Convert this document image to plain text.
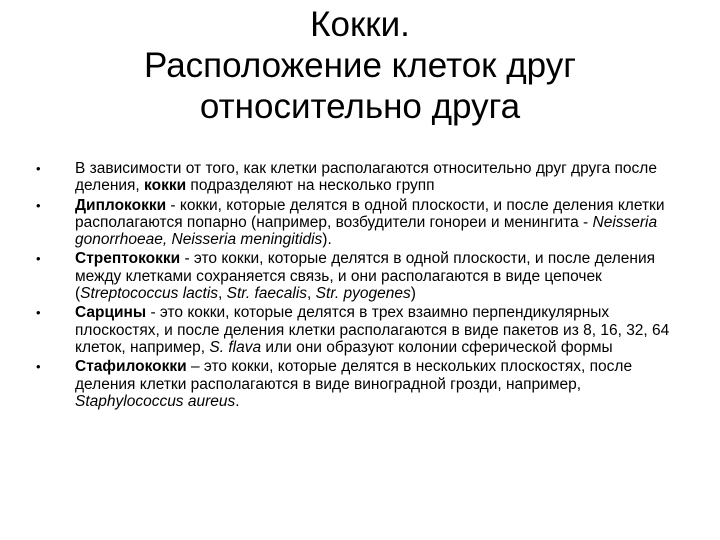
Кокки.
Расположение клеток друг
относительно друга
• В зависимости от того, как клетки располагаются относительно друг друга после деления, кокки подразделяют на несколько групп
• Диплококки - кокки, которые делятся в одной плоскости, и после деления клетки располагаются попарно (например, возбудители гонореи и менингита - Neisseria gonorrhoeae, Neisseria meningitidis).
• Стрептококки - это кокки, которые делятся в одной плоскости, и после деления между клетками сохраняется связь, и они располагаются в виде цепочек (Streptococcus lactis, Str. faecalis, Str. pyogenes)
• Сарцины - это кокки, которые делятся в трех взаимно перпендикулярных плоскостях, и после деления клетки располагаются в виде пакетов из 8, 16, 32, 64 клеток, например, S. flava или они образуют колонии сферической формы
• Стафилококки – это кокки, которые делятся в нескольких плоскостях, после деления клетки располагаются в виде виноградной грозди, например, Staphylococcus aureus.
